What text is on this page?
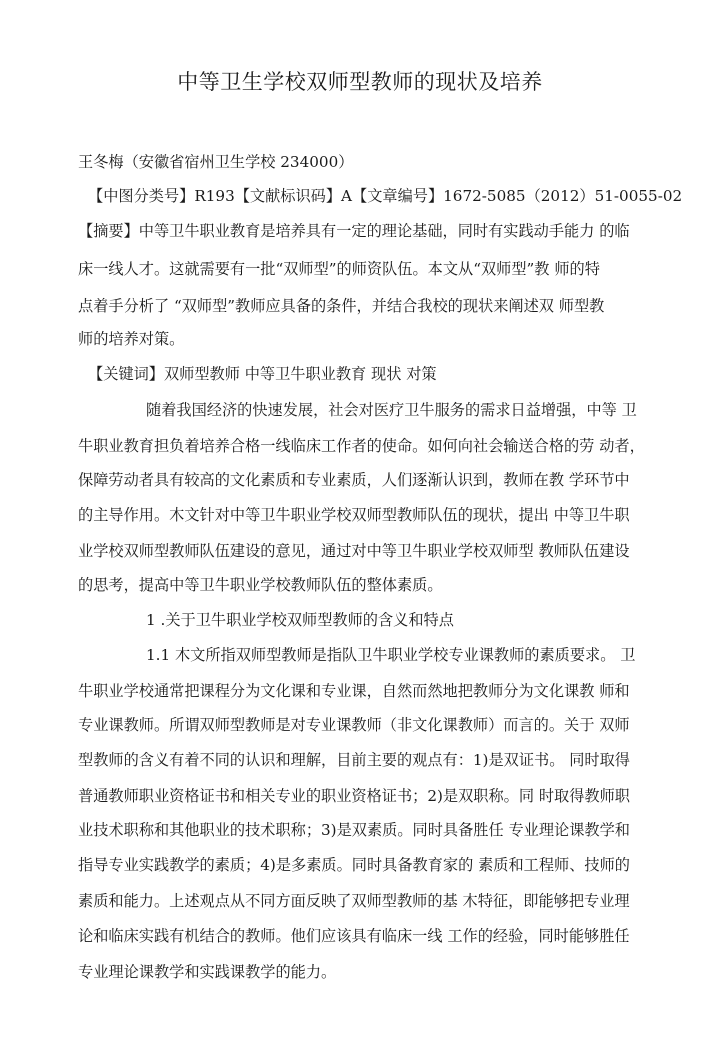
中等卫生学校双师型教师的现状及培养
王冬梅（安徽省宿州卫生学校 234000）
【中图分类号】R193【文献标识码】A【文章编号】1672-5085（2012）51-0055-02
【摘要】中等卫牛职业教育是培养具有一定的理论基础，同时有实践动手能力 的临
床一线人才。这就需要有一批“双师型”的师资队伍。本文从“双师型”教 师的特
点着手分析了 “双师型”教师应具备的条件，并结合我校的现状来阐述双 师型教
师的培养对策。
【关键词】双师型教师 中等卫牛职业教育 现状 对策
随着我国经济的快速发展，社会对医疗卫牛服务的需求日益增强，中等 卫
牛职业教育担负着培养合格一线临床工作者的使命。如何向社会输送合格的劳 动者，
保障劳动者具有较高的文化素质和专业素质，人们逐渐认识到，教师在教 学环节中
的主导作用。木文针对中等卫牛职业学校双师型教师队伍的现状，提出 中等卫牛职
业学校双师型教师队伍建设的意见，通过对中等卫牛职业学校双师型 教师队伍建设
的思考，提高中等卫牛职业学校教师队伍的整体素质。
1 .关于卫牛职业学校双师型教师的含义和特点
1.1 木文所指双师型教师是指队卫牛职业学校专业课教师的素质要求。 卫
牛职业学校通常把课程分为文化课和专业课，自然而然地把教师分为文化课教 师和
专业课教师。所谓双师型教师是对专业课教师（非文化课教师）而言的。关于 双师
型教师的含义有着不同的认识和理解，目前主要的观点有：1)是双证书。 同时取得
普通教师职业资格证书和相关专业的职业资格证书；2)是双职称。同 时取得教师职
业技术职称和其他职业的技术职称；3)是双素质。同时具备胜任 专业理论课教学和
指导专业实践教学的素质；4)是多素质。同时具备教育家的 素质和工程师、技师的
素质和能力。上述观点从不同方面反映了双师型教师的基 木特征，即能够把专业理
论和临床实践有机结合的教师。他们应该具有临床一线 工作的经验，同时能够胜任
专业理论课教学和实践课教学的能力。
